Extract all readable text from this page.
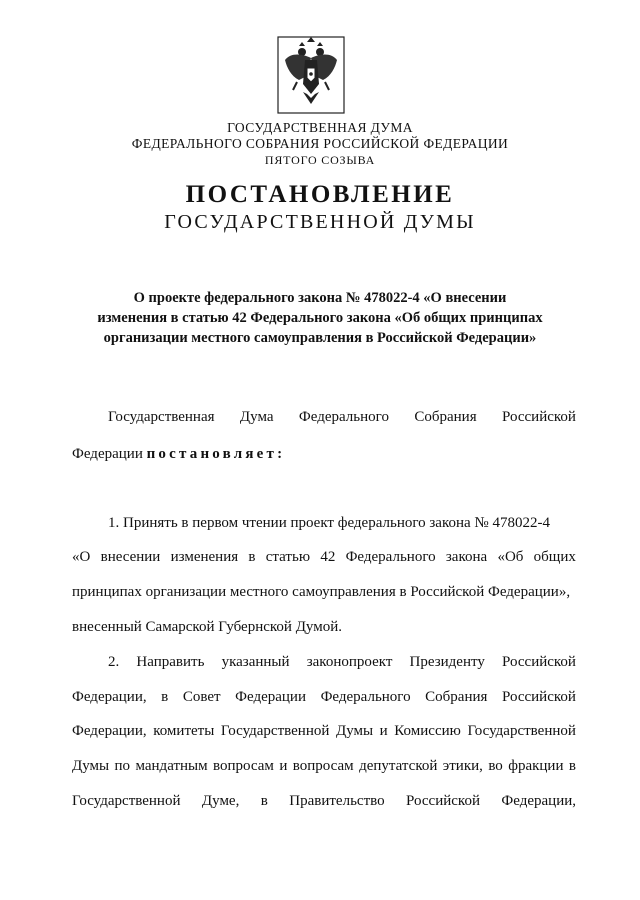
ГОСУДАРСТВЕННАЯ ДУМА
ФЕДЕРАЛЬНОГО СОБРАНИЯ РОССИЙСКОЙ ФЕДЕРАЦИИ
ПЯТОГО СОЗЫВА
ПОСТАНОВЛЕНИЕ
ГОСУДАРСТВЕННОЙ ДУМЫ
О проекте федерального закона № 478022-4 «О внесении
изменения в статью 42 Федерального закона «Об общих принципах
организации местного самоуправления в Российской Федерации»
Государственная Дума Федерального Собрания Российской
Федерации постановляет:
1. Принять в первом чтении проект федерального закона № 478022-4
«О внесении изменения в статью 42 Федерального закона «Об общих
принципах организации местного самоуправления в Российской Федерации»,
внесенный Самарской Губернской Думой.
2. Направить указанный законопроект Президенту Российской
Федерации, в Совет Федерации Федерального Собрания Российской
Федерации, комитеты Государственной Думы и Комиссию Государственной
Думы по мандатным вопросам и вопросам депутатской этики, во фракции в
Государственной Думе, в Правительство Российской Федерации,
